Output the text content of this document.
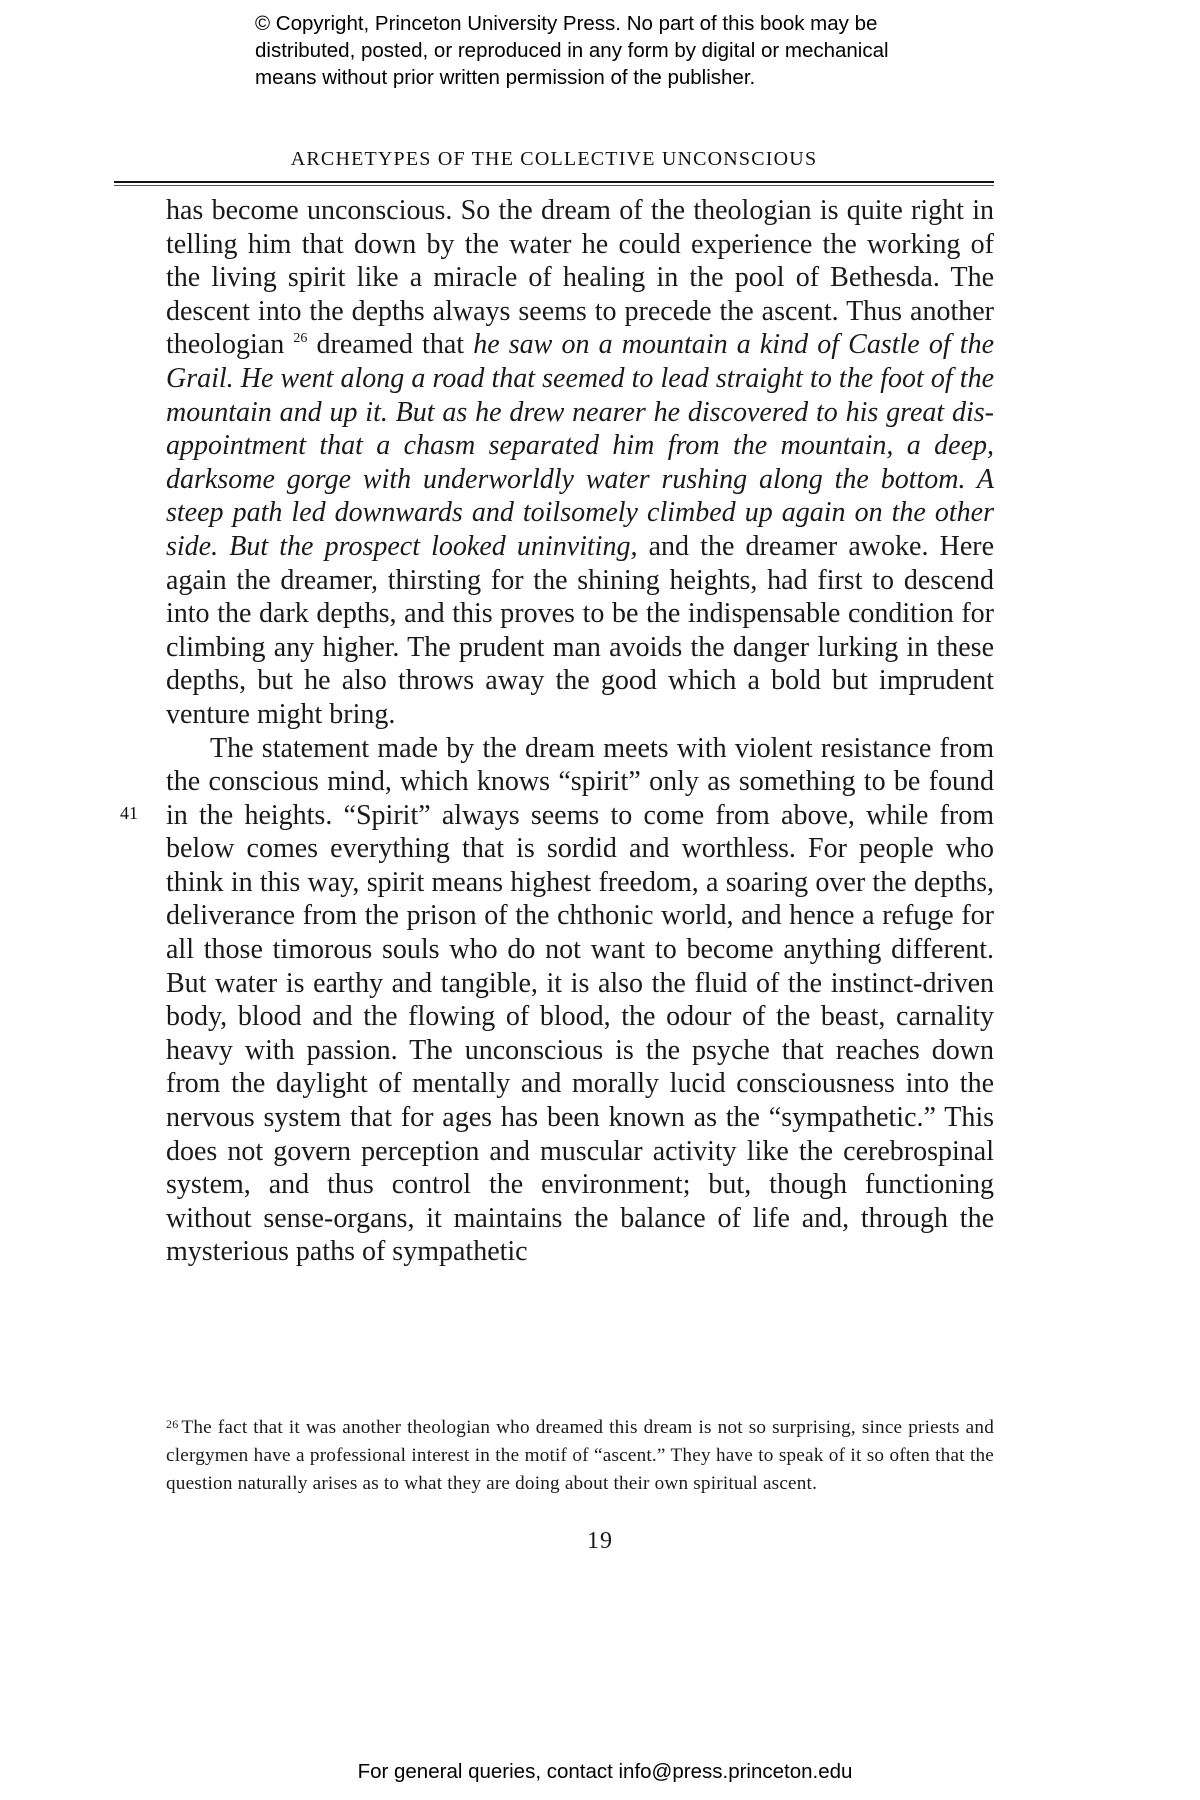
© Copyright, Princeton University Press. No part of this book may be
distributed, posted, or reproduced in any form by digital or mechanical
means without prior written permission of the publisher.
ARCHETYPES OF THE COLLECTIVE UNCONSCIOUS

has become unconscious. So the dream of the theologian is quite right in telling him that down by the water he could experience the working of the living spirit like a miracle of healing in the pool of Bethesda. The descent into the depths always seems to precede the ascent. Thus another theologian $^{26}$ dreamed that he saw on a mountain a kind of Castle of the Grail. He went along a road that seemed to lead straight to the foot of the mountain and up it. But as he drew nearer he discovered to his great disappointment that a chasm separated him from the mountain, a deep, darksome gorge with underworldly water rushing along the bottom. A steep path led downwards and toilsomely climbed up again on the other side. But the prospect looked uninviting, and the dreamer awoke. Here again the dreamer, thirsting for the shining heights, had first to descend into the dark depths, and this proves to be the indispensable condition for climbing any higher. The prudent man avoids the danger lurking in these depths, but he also throws away the good which a bold but imprudent venture might bring.

The statement made by the dream meets with violent resistance from the conscious mind, which knows “spirit” only as something to be found in the heights. “Spirit” always seems to come from above, while from below comes everything that is sordid and worthless. For people who think in this way, spirit means highest freedom, a soaring over the depths, deliverance from the prison of the chthonic world, and hence a refuge for all those timorous souls who do not want to become anything different. But water is earthy and tangible, it is also the fluid of the instinct-driven body, blood and the flowing of blood, the odour of the beast, carnality heavy with passion. The unconscious is the psyche that reaches down from the daylight of mentally and morally lucid consciousness into the nervous system that for ages has been known as the “sympathetic.” This does not govern perception and muscular activity like the cerebrospinal system, and thus control the environment; but, though functioning without sense-organs, it maintains the balance of life and, through the mysterious paths of sympathetic

41
$^{26}$ The fact that it was another theologian who dreamed this dream is not so surprising, since priests and clergymen have a professional interest in the motif of “ascent.” They have to speak of it so often that the question naturally arises as to what they are doing about their own spiritual ascent.
19
For general queries, contact info@press.princeton.edu
